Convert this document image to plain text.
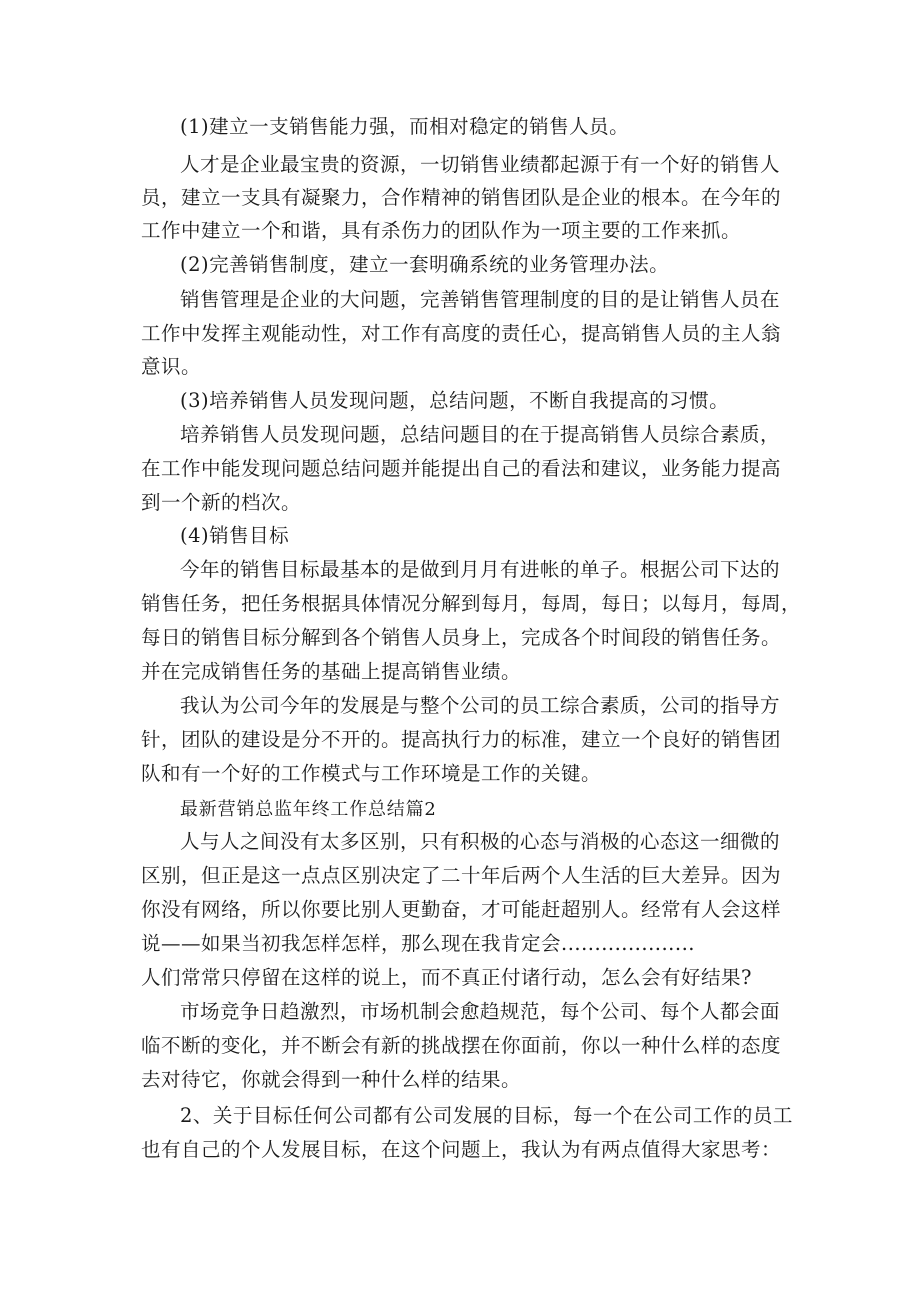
(1)建立一支销售能力强，而相对稳定的销售人员。
人才是企业最宝贵的资源，一切销售业绩都起源于有一个好的销售人
员，建立一支具有凝聚力，合作精神的销售团队是企业的根本。在今年的
工作中建立一个和谐，具有杀伤力的团队作为一项主要的工作来抓。
(2)完善销售制度，建立一套明确系统的业务管理办法。
销售管理是企业的大问题，完善销售管理制度的目的是让销售人员在
工作中发挥主观能动性，对工作有高度的责任心，提高销售人员的主人翁
意识。
(3)培养销售人员发现问题，总结问题，不断自我提高的习惯。
培养销售人员发现问题，总结问题目的在于提高销售人员综合素质，
在工作中能发现问题总结问题并能提出自己的看法和建议，业务能力提高
到一个新的档次。
(4)销售目标
今年的销售目标最基本的是做到月月有进帐的单子。根据公司下达的
销售任务，把任务根据具体情况分解到每月，每周，每日；以每月，每周，
每日的销售目标分解到各个销售人员身上，完成各个时间段的销售任务。
并在完成销售任务的基础上提高销售业绩。
我认为公司今年的发展是与整个公司的员工综合素质，公司的指导方
针，团队的建设是分不开的。提高执行力的标准，建立一个良好的销售团
队和有一个好的工作模式与工作环境是工作的关键。
最新营销总监年终工作总结篇2
人与人之间没有太多区别，只有积极的心态与消极的心态这一细微的
区别，但正是这一点点区别决定了二十年后两个人生活的巨大差异。因为
你没有网络，所以你要比别人更勤奋，才可能赶超别人。经常有人会这样
说——如果当初我怎样怎样，那么现在我肯定会....................
人们常常只停留在这样的说上，而不真正付诸行动，怎么会有好结果?
市场竞争日趋激烈，市场机制会愈趋规范，每个公司、每个人都会面
临不断的变化，并不断会有新的挑战摆在你面前，你以一种什么样的态度
去对待它，你就会得到一种什么样的结果。
2、关于目标任何公司都有公司发展的目标，每一个在公司工作的员工
也有自己的个人发展目标，在这个问题上，我认为有两点值得大家思考：
